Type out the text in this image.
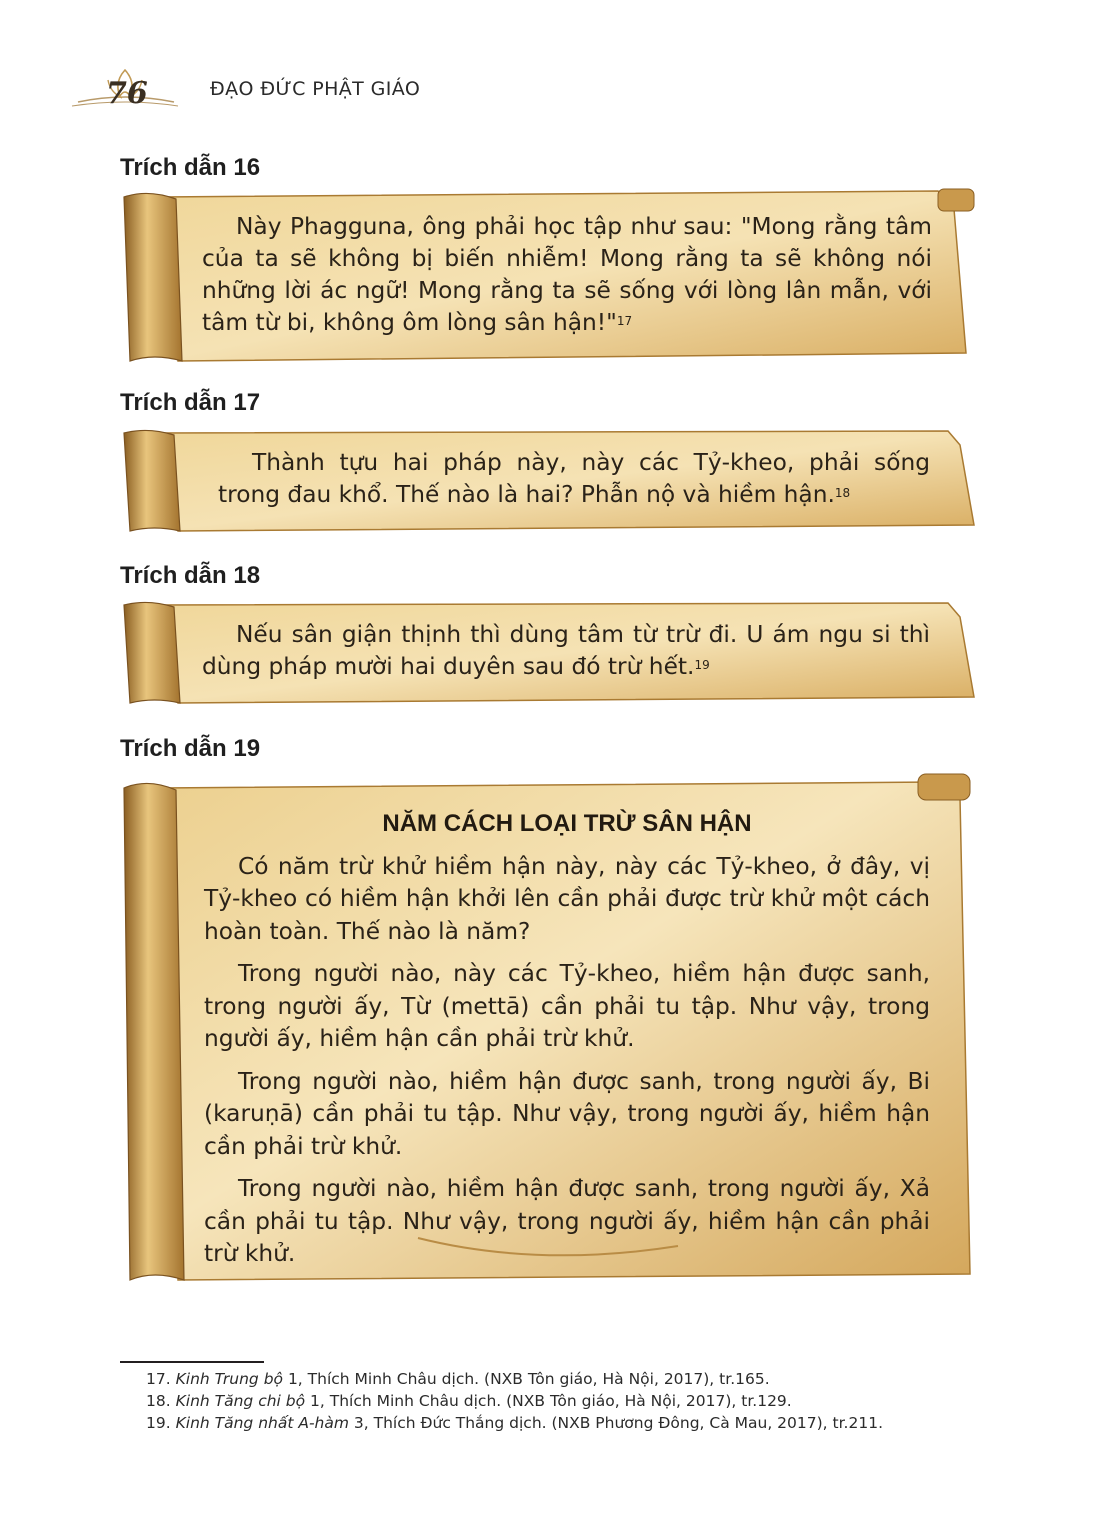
76	ĐẠO ĐỨC PHẬT GIÁO
Trích dẫn 16

Này Phagguna, ông phải học tập như sau: "Mong rằng tâm của ta sẽ không bị biến nhiễm! Mong rằng ta sẽ không nói những lời ác ngữ! Mong rằng ta sẽ sống với lòng lân mẫn, với tâm từ bi, không ôm lòng sân hận!"$^{17}$

Trích dẫn 17

Thành tựu hai pháp này, này các Tỷ-kheo, phải sống trong đau khổ. Thế nào là hai? Phẫn nộ và hiềm hận.$^{18}$

Trích dẫn 18

Nếu sân giận thịnh thì dùng tâm từ trừ đi. U ám ngu si thì dùng pháp mười hai duyên sau đó trừ hết.$^{19}$

Trích dẫn 19

NĂM CÁCH LOẠI TRỪ SÂN HẬN

Có năm trừ khử hiềm hận này, này các Tỷ-kheo, ở đây, vị Tỷ-kheo có hiềm hận khởi lên cần phải được trừ khử một cách hoàn toàn. Thế nào là năm?

Trong người nào, này các Tỷ-kheo, hiềm hận được sanh, trong người ấy, Từ (mettā) cần phải tu tập. Như vậy, trong người ấy, hiềm hận cần phải trừ khử.

Trong người nào, hiềm hận được sanh, trong người ấy, Bi (karuṇā) cần phải tu tập. Như vậy, trong người ấy, hiềm hận cần phải trừ khử.

Trong người nào, hiềm hận được sanh, trong người ấy, Xả cần phải tu tập. Như vậy, trong người ấy, hiềm hận cần phải trừ khử.

17. Kinh Trung bộ 1, Thích Minh Châu dịch. (NXB Tôn giáo, Hà Nội, 2017), tr.165.
18. Kinh Tăng chi bộ 1, Thích Minh Châu dịch. (NXB Tôn giáo, Hà Nội, 2017), tr.129.
19. Kinh Tăng nhất A-hàm 3, Thích Đức Thắng dịch. (NXB Phương Đông, Cà Mau, 2017), tr.211.
